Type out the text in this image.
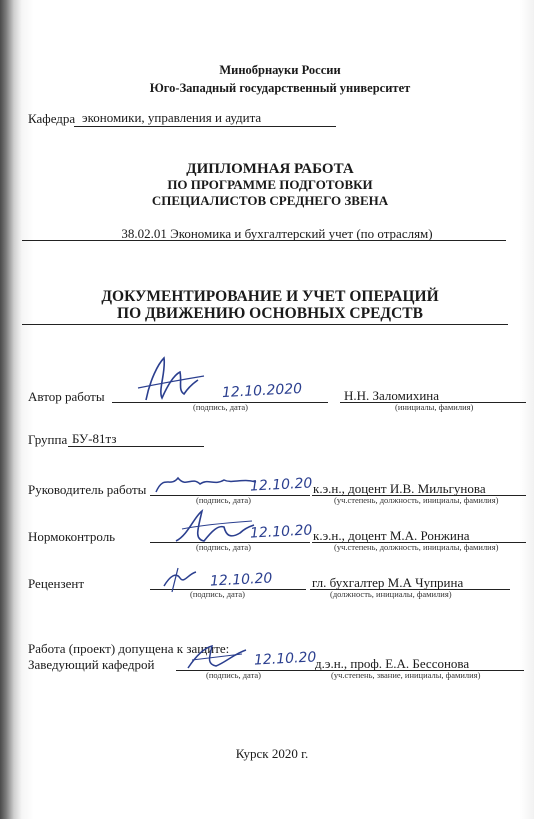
Минобрнауки России
Юго-Западный государственный университет
Кафедра экономики, управления и аудита
ДИПЛОМНАЯ РАБОТА
ПО ПРОГРАММЕ ПОДГОТОВКИ
СПЕЦИАЛИСТОВ СРЕДНЕГО ЗВЕНА
38.02.01 Экономика и бухгалтерский учет (по отраслям)
ДОКУМЕНТИРОВАНИЕ И УЧЕТ ОПЕРАЦИЙ
ПО ДВИЖЕНИЮ ОСНОВНЫХ СРЕДСТВ
Автор работы	12.10.2020
(подпись, дата)
Н.Н. Заломихина
(инициалы, фамилия)
Группа БУ-81тз
Руководитель работы	12.10.20
(подпись, дата)
к.э.н., доцент И.В. Мильгунова
(уч.степень, должность, инициалы, фамилия)
Нормоконтроль	12.10.20
(подпись, дата)
к.э.н., доцент М.А. Ронжина
(уч.степень, должность, инициалы, фамилия)
Рецензент	12.10.20
(подпись, дата)
гл. бухгалтер М.А Чуприна
(должность, инициалы, фамилия)
Работа (проект) допущена к защите:
Заведующий кафедрой	12.10.20
(подпись, дата)
д.э.н., проф. Е.А. Бессонова
(уч.степень, звание, инициалы, фамилия)
Курск 2020 г.
